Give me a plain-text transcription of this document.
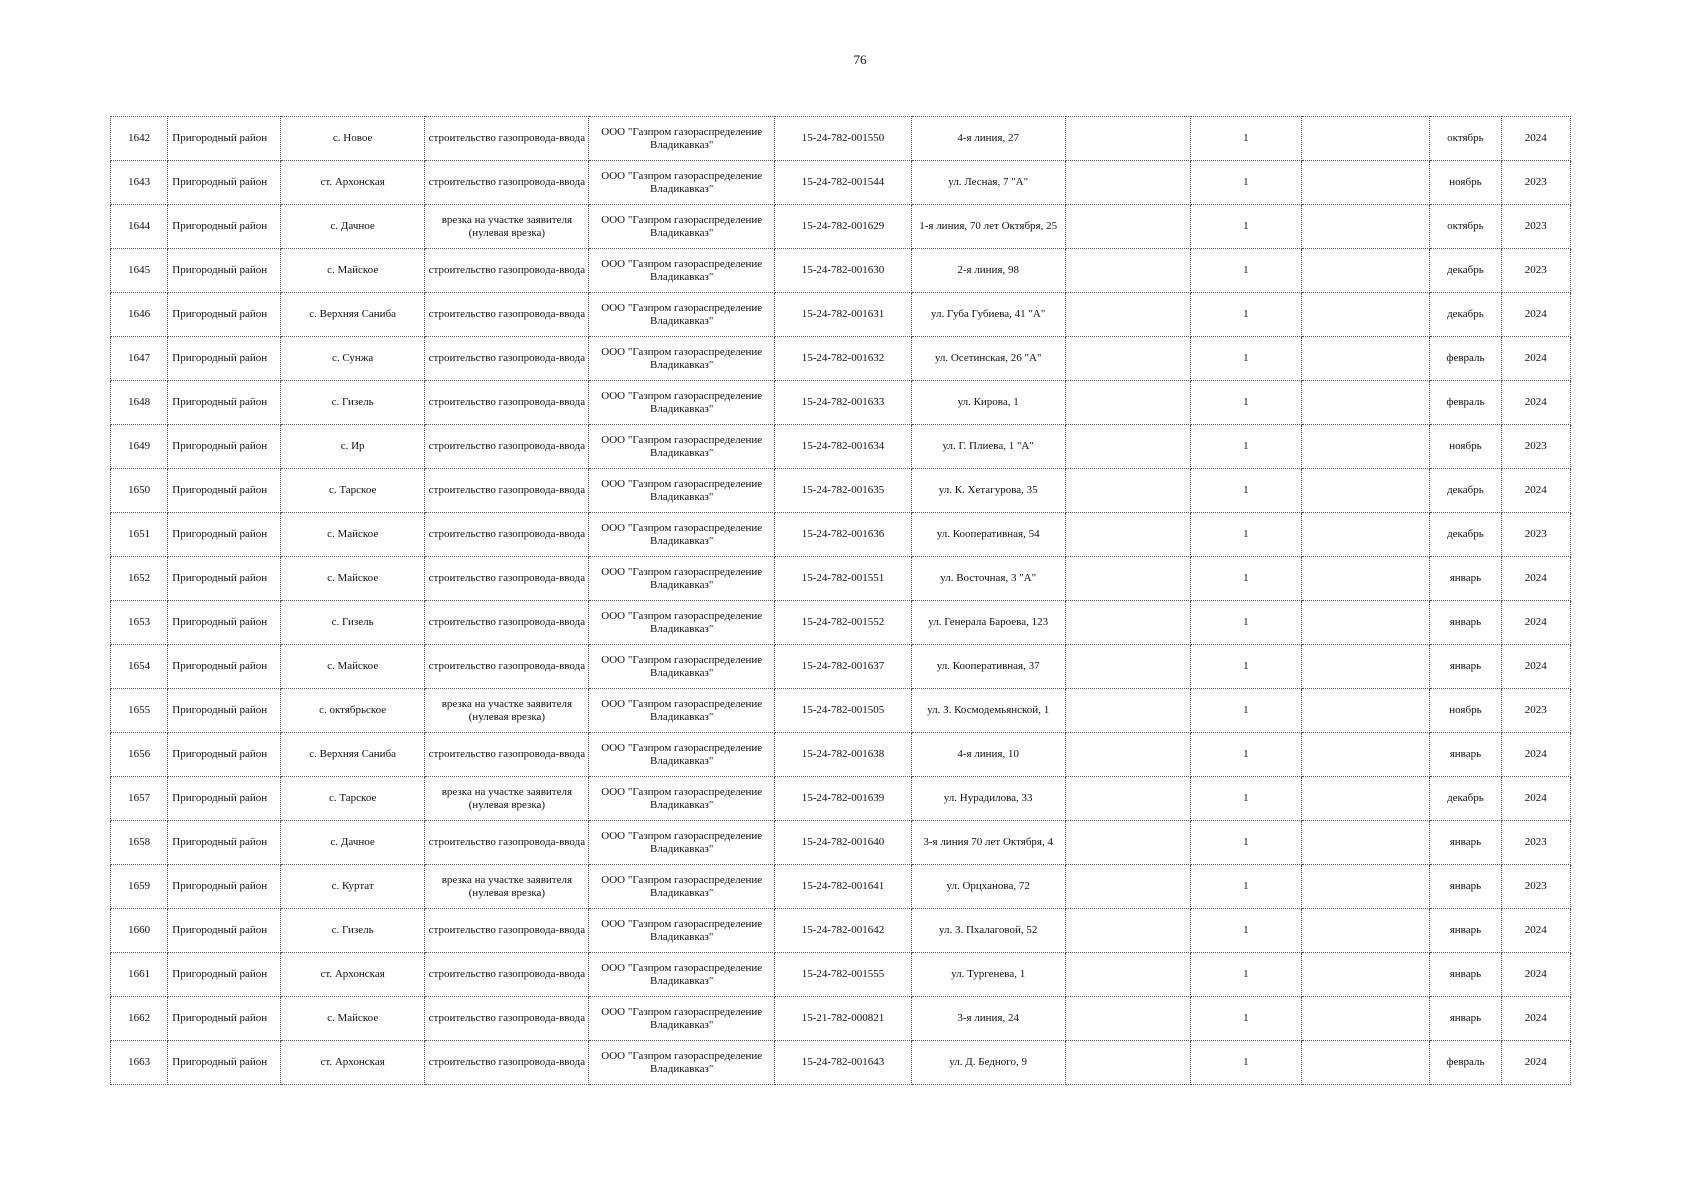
76
1642	Пригородный район	с. Новое	строительство газопровода-ввода	ООО "Газпром газораспределение Владикавказ"	15-24-782-001550	4-я линия, 27		1		октябрь	2024
1643	Пригородный район	ст. Архонская	строительство газопровода-ввода	ООО "Газпром газораспределение Владикавказ"	15-24-782-001544	ул. Лесная, 7 "А"		1		ноябрь	2023
1644	Пригородный район	с. Дачное	врезка на участке заявителя (нулевая врезка)	ООО "Газпром газораспределение Владикавказ"	15-24-782-001629	1-я линия, 70 лет Октября, 25		1		октябрь	2023
1645	Пригородный район	с. Майское	строительство газопровода-ввода	ООО "Газпром газораспределение Владикавказ"	15-24-782-001630	2-я линия, 98		1		декабрь	2023
1646	Пригородный район	с. Верхняя Саниба	строительство газопровода-ввода	ООО "Газпром газораспределение Владикавказ"	15-24-782-001631	ул. Губа Губиева, 41 "А"		1		декабрь	2024
1647	Пригородный район	с. Сунжа	строительство газопровода-ввода	ООО "Газпром газораспределение Владикавказ"	15-24-782-001632	ул. Осетинская, 26 "А"		1		февраль	2024
1648	Пригородный район	с. Гизель	строительство газопровода-ввода	ООО "Газпром газораспределение Владикавказ"	15-24-782-001633	ул. Кирова, 1		1		февраль	2024
1649	Пригородный район	с. Ир	строительство газопровода-ввода	ООО "Газпром газораспределение Владикавказ"	15-24-782-001634	ул. Г. Плиева, 1 "А"		1		ноябрь	2023
1650	Пригородный район	с. Тарское	строительство газопровода-ввода	ООО "Газпром газораспределение Владикавказ"	15-24-782-001635	ул. К. Хетагурова, 35		1		декабрь	2024
1651	Пригородный район	с. Майское	строительство газопровода-ввода	ООО "Газпром газораспределение Владикавказ"	15-24-782-001636	ул. Кооперативная, 54		1		декабрь	2023
1652	Пригородный район	с. Майское	строительство газопровода-ввода	ООО "Газпром газораспределение Владикавказ"	15-24-782-001551	ул. Восточная, 3 "А"		1		январь	2024
1653	Пригородный район	с. Гизель	строительство газопровода-ввода	ООО "Газпром газораспределение Владикавказ"	15-24-782-001552	ул. Генерала Бароева, 123		1		январь	2024
1654	Пригородный район	с. Майское	строительство газопровода-ввода	ООО "Газпром газораспределение Владикавказ"	15-24-782-001637	ул. Кооперативная, 37		1		январь	2024
1655	Пригородный район	с. октябрьское	врезка на участке заявителя (нулевая врезка)	ООО "Газпром газораспределение Владикавказ"	15-24-782-001505	ул. З. Космодемьянской, 1		1		ноябрь	2023
1656	Пригородный район	с. Верхняя Саниба	строительство газопровода-ввода	ООО "Газпром газораспределение Владикавказ"	15-24-782-001638	4-я линия, 10		1		январь	2024
1657	Пригородный район	с. Тарское	врезка на участке заявителя (нулевая врезка)	ООО "Газпром газораспределение Владикавказ"	15-24-782-001639	ул. Нурадилова, 33		1		декабрь	2024
1658	Пригородный район	с. Дачное	строительство газопровода-ввода	ООО "Газпром газораспределение Владикавказ"	15-24-782-001640	3-я линия 70 лет Октября, 4		1		январь	2023
1659	Пригородный район	с. Куртат	врезка на участке заявителя (нулевая врезка)	ООО "Газпром газораспределение Владикавказ"	15-24-782-001641	ул. Орцханова, 72		1		январь	2023
1660	Пригородный район	с. Гизель	строительство газопровода-ввода	ООО "Газпром газораспределение Владикавказ"	15-24-782-001642	ул. З. Пхалаговой, 52		1		январь	2024
1661	Пригородный район	ст. Архонская	строительство газопровода-ввода	ООО "Газпром газораспределение Владикавказ"	15-24-782-001555	ул. Тургенева, 1		1		январь	2024
1662	Пригородный район	с. Майское	строительство газопровода-ввода	ООО "Газпром газораспределение Владикавказ"	15-21-782-000821	3-я линия, 24		1		январь	2024
1663	Пригородный район	ст. Архонская	строительство газопровода-ввода	ООО "Газпром газораспределение Владикавказ"	15-24-782-001643	ул. Д. Бедного, 9		1		февраль	2024
